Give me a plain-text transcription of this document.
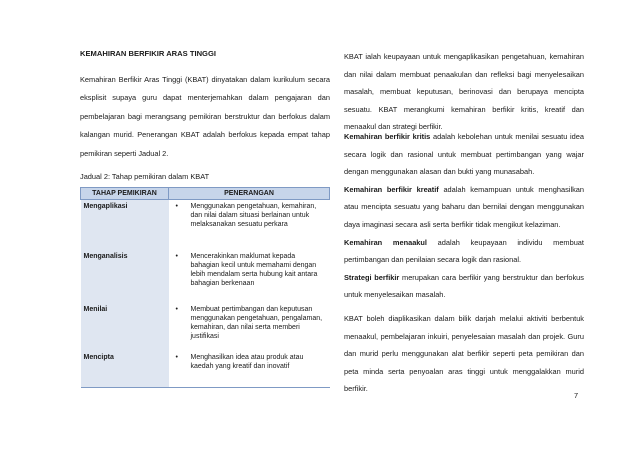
KEMAHIRAN BERFIKIR ARAS TINGGI

Kemahiran Berfikir Aras Tinggi (KBAT) dinyatakan dalam kurikulum secara eksplisit supaya guru dapat menterjemahkan dalam pengajaran dan pembelajaran bagi merangsang pemikiran berstruktur dan berfokus dalam kalangan murid. Penerangan KBAT adalah berfokus kepada empat tahap pemikiran seperti Jadual 2.

Jadual 2: Tahap pemikiran dalam KBAT

TAHAP PEMIKIRAN	PENERANGAN
Mengaplikasi	• Menggunakan pengetahuan, kemahiran, dan nilai dalam situasi berlainan untuk melaksanakan sesuatu perkara
Menganalisis	• Mencerakinkan maklumat kepada bahagian kecil untuk memahami dengan lebih mendalam serta hubung kait antara bahagian berkenaan
Menilai	• Membuat pertimbangan dan keputusan menggunakan pengetahuan, pengalaman, kemahiran, dan nilai serta memberi justifikasi
Mencipta	• Menghasilkan idea atau produk atau kaedah yang kreatif dan inovatif

KBAT ialah keupayaan untuk mengaplikasikan pengetahuan, kemahiran dan nilai dalam membuat penaakulan dan refleksi bagi menyelesaikan masalah, membuat keputusan, berinovasi dan berupaya mencipta sesuatu. KBAT merangkumi kemahiran berfikir kritis, kreatif dan menaakul dan strategi berfikir.

Kemahiran berfikir kritis adalah kebolehan untuk menilai sesuatu idea secara logik dan rasional untuk membuat pertimbangan yang wajar dengan menggunakan alasan dan bukti yang munasabah.
Kemahiran berfikir kreatif adalah kemampuan untuk menghasilkan atau mencipta sesuatu yang baharu dan bernilai dengan menggunakan daya imaginasi secara asli serta berfikir tidak mengikut kelaziman.
Kemahiran menaakul adalah keupayaan individu membuat pertimbangan dan penilaian secara logik dan rasional.
Strategi berfikir merupakan cara berfikir yang berstruktur dan berfokus untuk menyelesaikan masalah.

KBAT boleh diaplikasikan dalam bilik darjah melalui aktiviti berbentuk menaakul, pembelajaran inkuiri, penyelesaian masalah dan projek. Guru dan murid perlu menggunakan alat berfikir seperti peta pemikiran dan peta minda serta penyoalan aras tinggi untuk menggalakkan murid berfikir.

7
